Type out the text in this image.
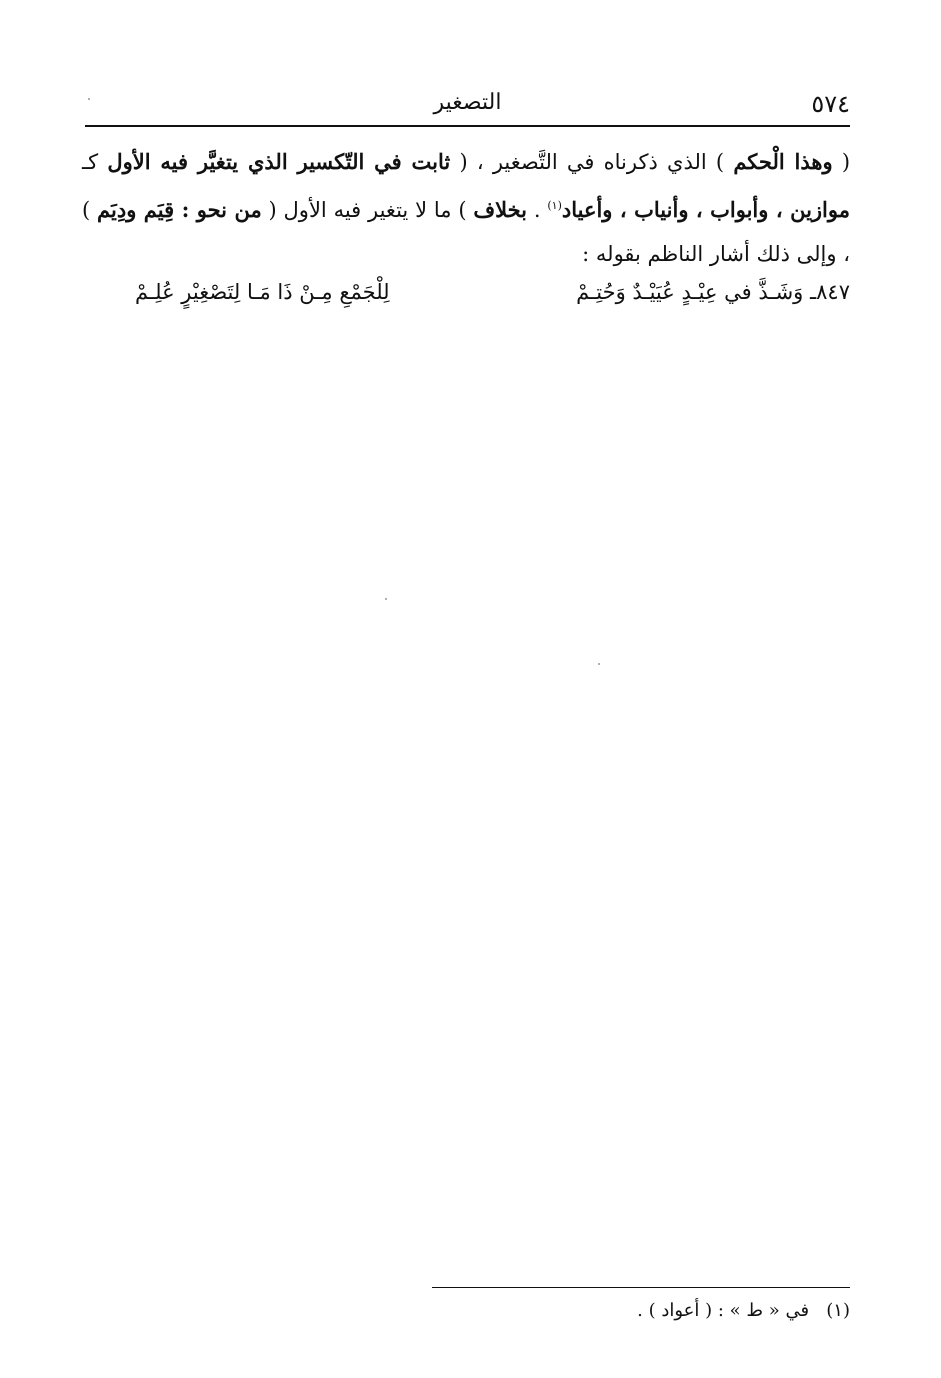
٥٧٤
التصغير
( وهذا الْحكم ) الذي ذكرناه في التَّصغير ، ( ثابت في التّكسير الذي يتغيَّر فيه الأول كـ موازين ، وأبواب ، وأنياب ، وأعياد$^{(١)}$ . بخلاف ) ما لا يتغير فيه الأول ( من نحو : قِيَم ودِيَم ) ، وإلى ذلك أشار الناظم بقوله :
٨٤٧ـ وَشَـذَّ في عِيْـدٍ عُيَيْـدٌ وَحُتِـمْ
لِلْجَمْعِ مِـنْ ذَا مَـا لِتَصْغِيْرٍ عُلِـمْ
(١)   في « ط » : ( أعواد ) .
